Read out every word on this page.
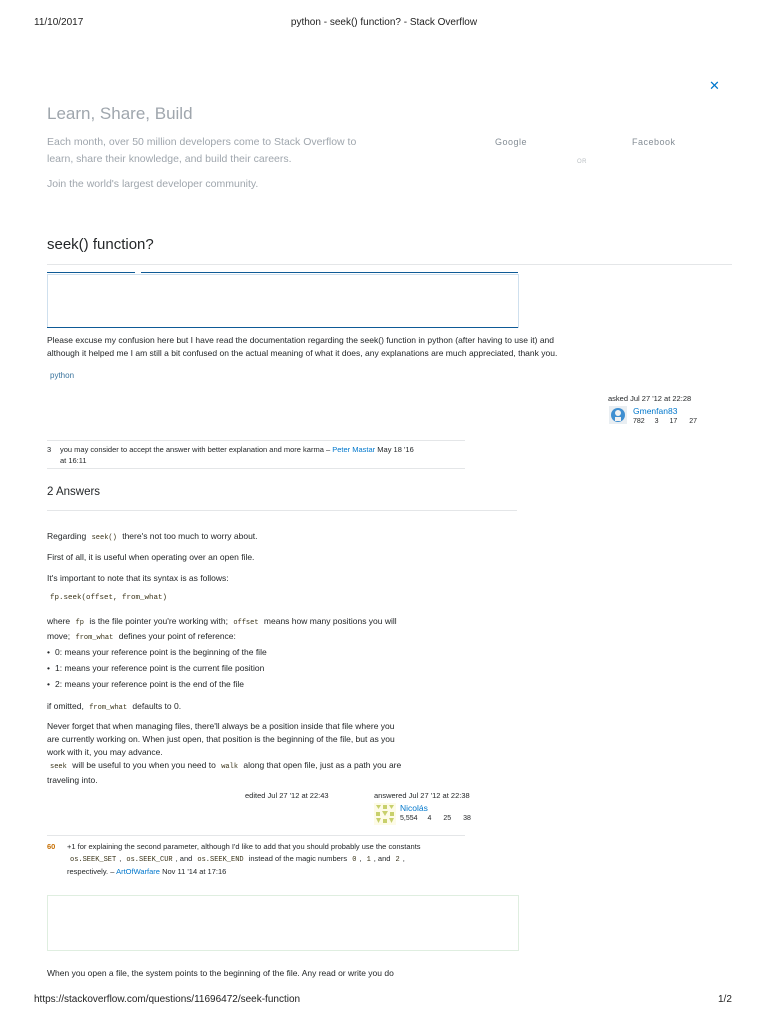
11/10/2017	python - seek() function? - Stack Overflow
✕
Learn, Share, Build
Each month, over 50 million developers come to Stack Overflow to
learn, share their knowledge, and build their careers.
Join the world's largest developer community.
Google	Facebook
OR
seek() function?
Please excuse my confusion here but I have read the documentation regarding the seek() function in python (after having to use it) and
although it helped me I am still a bit confused on the actual meaning of what it does, any explanations are much appreciated, thank you.
python
asked Jul 27 '12 at 22:28
Gmenfan83
782 3 17 27
3 you may consider to accept the answer with better explanation and more karma – Peter Mastar May 18 '16
at 16:11
2 Answers
Regarding seek() there's not too much to worry about.
First of all, it is useful when operating over an open file.
It's important to note that its syntax is as follows:
fp.seek(offset, from_what)
where fp is the file pointer you're working with; offset means how many positions you will
move; from_what defines your point of reference:
• 0: means your reference point is the beginning of the file
• 1: means your reference point is the current file position
• 2: means your reference point is the end of the file
if omitted, from_what defaults to 0.
Never forget that when managing files, there'll always be a position inside that file where you
are currently working on. When just open, that position is the beginning of the file, but as you
work with it, you may advance.
seek will be useful to you when you need to walk along that open file, just as a path you are
traveling into.
edited Jul 27 '12 at 22:43	answered Jul 27 '12 at 22:38
Nicolás
5,554 4 25 38
60 +1 for explaining the second parameter, although I'd like to add that you should probably use the constants
os.SEEK_SET , os.SEEK_CUR , and os.SEEK_END instead of the magic numbers 0 , 1 , and 2 ,
respectively. – ArtOfWarfare Nov 11 '14 at 17:16
When you open a file, the system points to the beginning of the file. Any read or write you do
https://stackoverflow.com/questions/11696472/seek-function	1/2
